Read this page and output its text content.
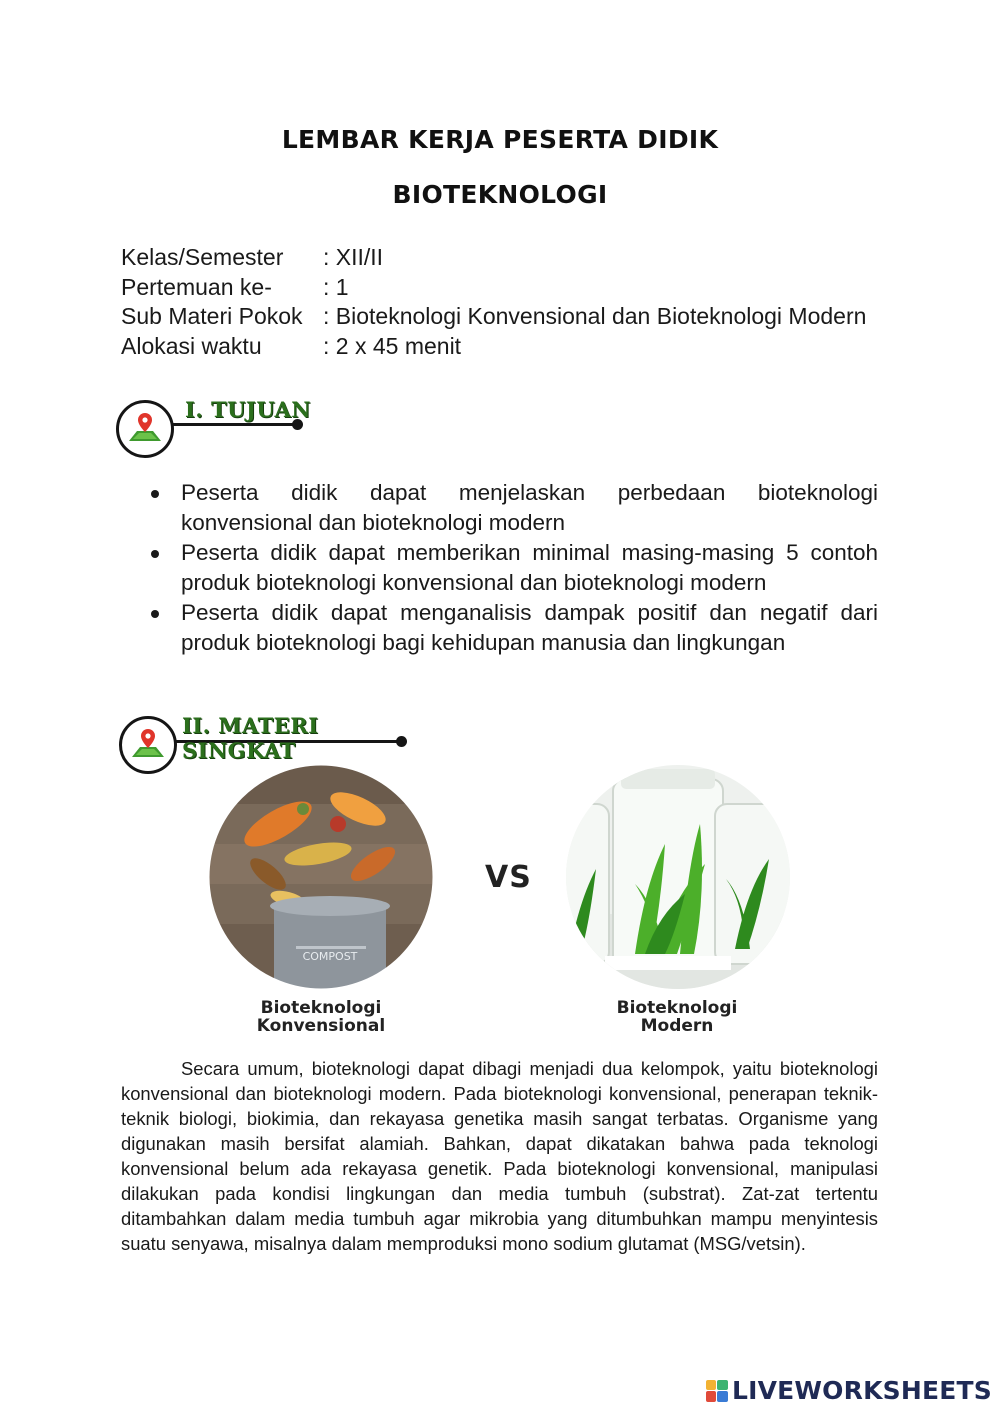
LEMBAR KERJA PESERTA DIDIK
BIOTEKNOLOGI
Kelas/Semester	: XII/II
Pertemuan ke-	: 1
Sub Materi Pokok : Bioteknologi Konvensional dan Bioteknologi Modern
Alokasi waktu	: 2 x 45 menit
I. TUJUAN
Peserta didik dapat menjelaskan perbedaan bioteknologi konvensional dan bioteknologi modern
Peserta didik dapat memberikan minimal masing-masing 5 contoh produk bioteknologi konvensional dan bioteknologi modern
Peserta didik dapat menganalisis dampak positif dan negatif dari produk bioteknologi bagi kehidupan manusia dan lingkungan
II. MATERI SINGKAT
COMPOST
Bioteknologi
Konvensional
VS
Bioteknologi
Modern

Secara umum, bioteknologi dapat dibagi menjadi dua kelompok, yaitu bioteknologi konvensional dan bioteknologi modern. Pada bioteknologi konvensional, penerapan teknik-teknik biologi, biokimia, dan rekayasa genetika masih sangat terbatas. Organisme yang digunakan masih bersifat alamiah. Bahkan, dapat dikatakan bahwa pada teknologi konvensional belum ada rekayasa genetik. Pada bioteknologi konvensional, manipulasi dilakukan pada kondisi lingkungan dan media tumbuh (substrat). Zat-zat tertentu ditambahkan dalam media tumbuh agar mikrobia yang ditumbuhkan mampu menyintesis suatu senyawa, misalnya dalam memproduksi mono sodium glutamat (MSG/vetsin).

LIVEWORKSHEETS
